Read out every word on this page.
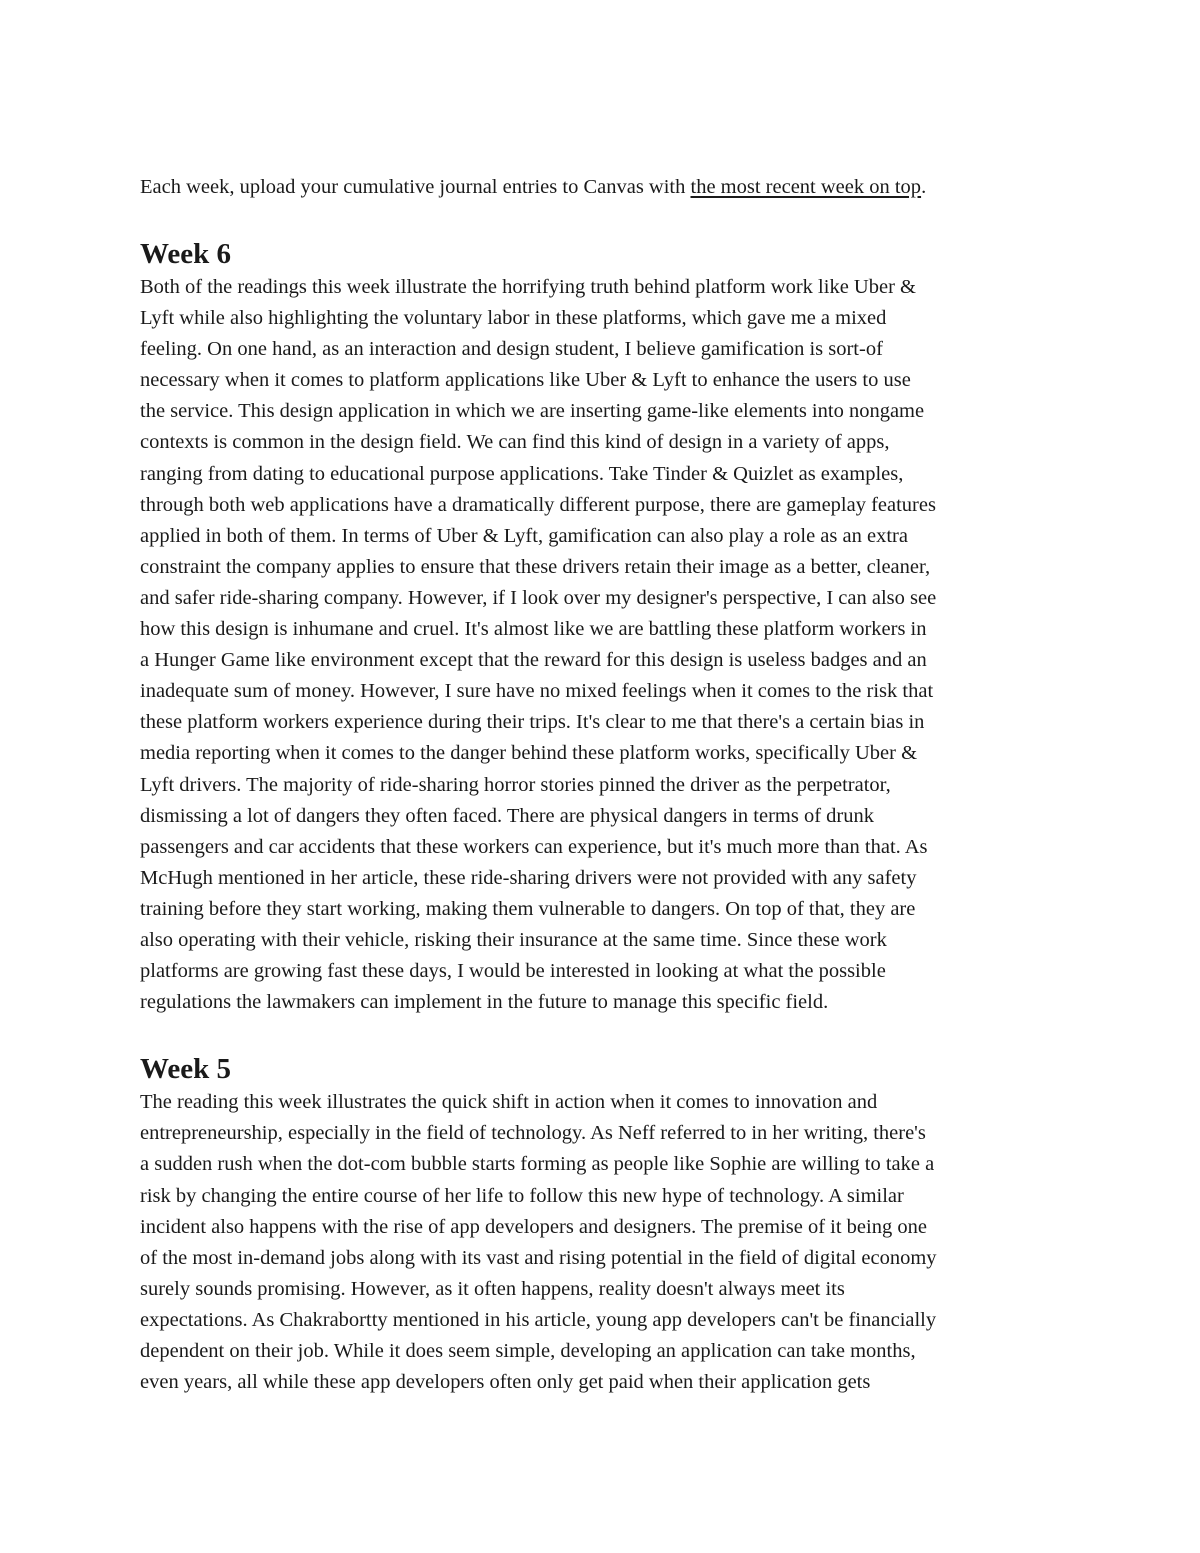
Each week, upload your cumulative journal entries to Canvas with the most recent week on top.

Week 6

Both of the readings this week illustrate the horrifying truth behind platform work like Uber &
Lyft while also highlighting the voluntary labor in these platforms, which gave me a mixed
feeling. On one hand, as an interaction and design student, I believe gamification is sort-of
necessary when it comes to platform applications like Uber & Lyft to enhance the users to use
the service. This design application in which we are inserting game-like elements into nongame
contexts is common in the design field. We can find this kind of design in a variety of apps,
ranging from dating to educational purpose applications. Take Tinder & Quizlet as examples,
through both web applications have a dramatically different purpose, there are gameplay features
applied in both of them. In terms of Uber & Lyft, gamification can also play a role as an extra
constraint the company applies to ensure that these drivers retain their image as a better, cleaner,
and safer ride-sharing company. However, if I look over my designer's perspective, I can also see
how this design is inhumane and cruel. It's almost like we are battling these platform workers in
a Hunger Game like environment except that the reward for this design is useless badges and an
inadequate sum of money. However, I sure have no mixed feelings when it comes to the risk that
these platform workers experience during their trips. It's clear to me that there's a certain bias in
media reporting when it comes to the danger behind these platform works, specifically Uber &
Lyft drivers. The majority of ride-sharing horror stories pinned the driver as the perpetrator,
dismissing a lot of dangers they often faced. There are physical dangers in terms of drunk
passengers and car accidents that these workers can experience, but it's much more than that. As
McHugh mentioned in her article, these ride-sharing drivers were not provided with any safety
training before they start working, making them vulnerable to dangers. On top of that, they are
also operating with their vehicle, risking their insurance at the same time. Since these work
platforms are growing fast these days, I would be interested in looking at what the possible
regulations the lawmakers can implement in the future to manage this specific field.

Week 5

The reading this week illustrates the quick shift in action when it comes to innovation and
entrepreneurship, especially in the field of technology. As Neff referred to in her writing, there's
a sudden rush when the dot-com bubble starts forming as people like Sophie are willing to take a
risk by changing the entire course of her life to follow this new hype of technology. A similar
incident also happens with the rise of app developers and designers. The premise of it being one
of the most in-demand jobs along with its vast and rising potential in the field of digital economy
surely sounds promising. However, as it often happens, reality doesn't always meet its
expectations. As Chakrabortty mentioned in his article, young app developers can't be financially
dependent on their job. While it does seem simple, developing an application can take months,
even years, all while these app developers often only get paid when their application gets
